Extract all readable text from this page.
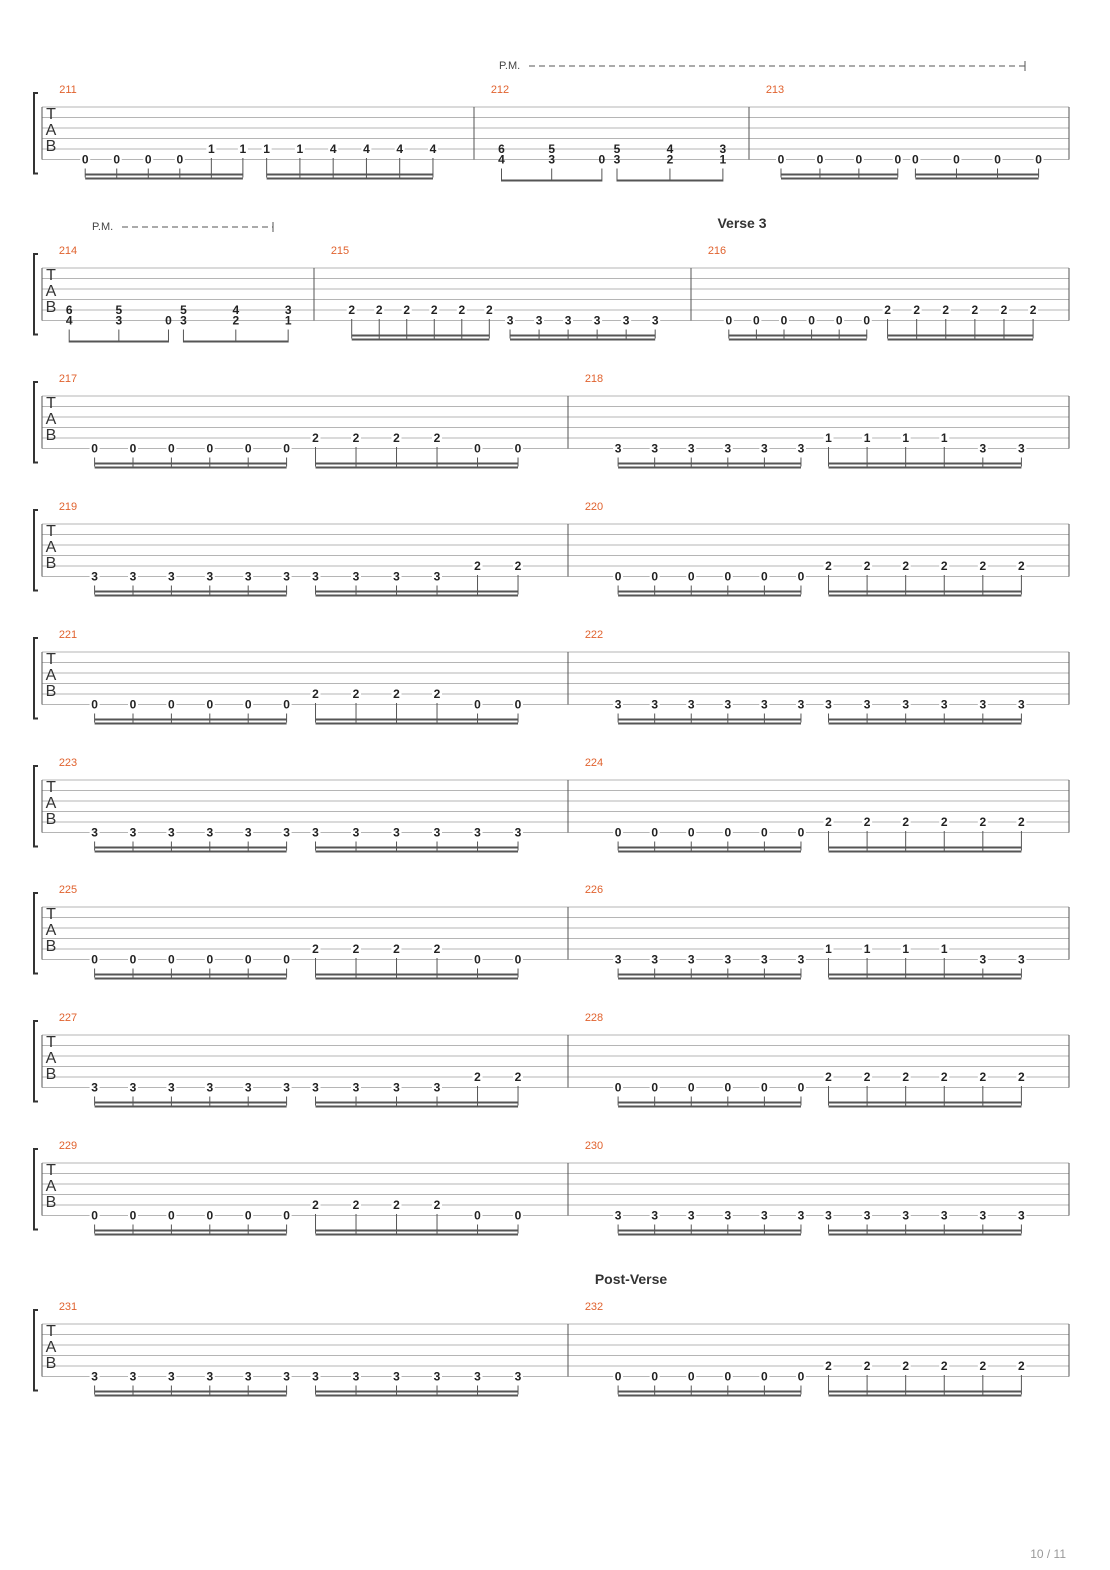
T
A
B
P.M.
211
0 0 0 0
1 1 1 1 4 4 4 4
212
6
4
5
3	0
5
3
4
2
3
1
213
0	0	0	0 0	0	0	0
T
A
B
Verse 3
P.M.
214
6
4
5
3	0
5
3
4
2
3
1
215
2 2 2 2 2 2
3 3 3 3 3 3
216
0 0 0 0 0 0
2 2 2 2 2 2
T
A
B
217
0	0	0	0	0	0
2	2	2	2
0	0
218
3 3 3 3 3 3
1	1	1	1
3	3
T
A
B
219
3	3	3	3	3	3 3	3	3	3
2	2
220
0 0 0 0 0 0
2	2	2	2	2	2
T
A
B
221
0	0	0	0	0	0
2	2	2	2
0	0
222
3 3 3 3 3 3 3	3	3	3	3	3
T
A
B
223
3	3	3	3	3	3 3	3	3	3	3	3
224
0 0 0 0 0 0
2	2	2	2	2	2
T
A
B
225
0	0	0	0	0	0
2	2	2	2
0	0
226
3 3 3 3 3 3
1	1	1	1
3	3
T
A
B
227
3	3	3	3	3	3 3	3	3	3
2	2
228
0 0 0 0 0 0
2	2	2	2	2	2
T
A
B
229
0	0	0	0	0	0
2	2	2	2
0	0
230
3 3 3 3 3 3 3	3	3	3	3	3
T
A
B
Post-Verse
231
3	3	3	3	3	3 3	3	3	3	3	3
232
0 0 0 0 0 0
2	2	2	2	2	2
10 / 11
